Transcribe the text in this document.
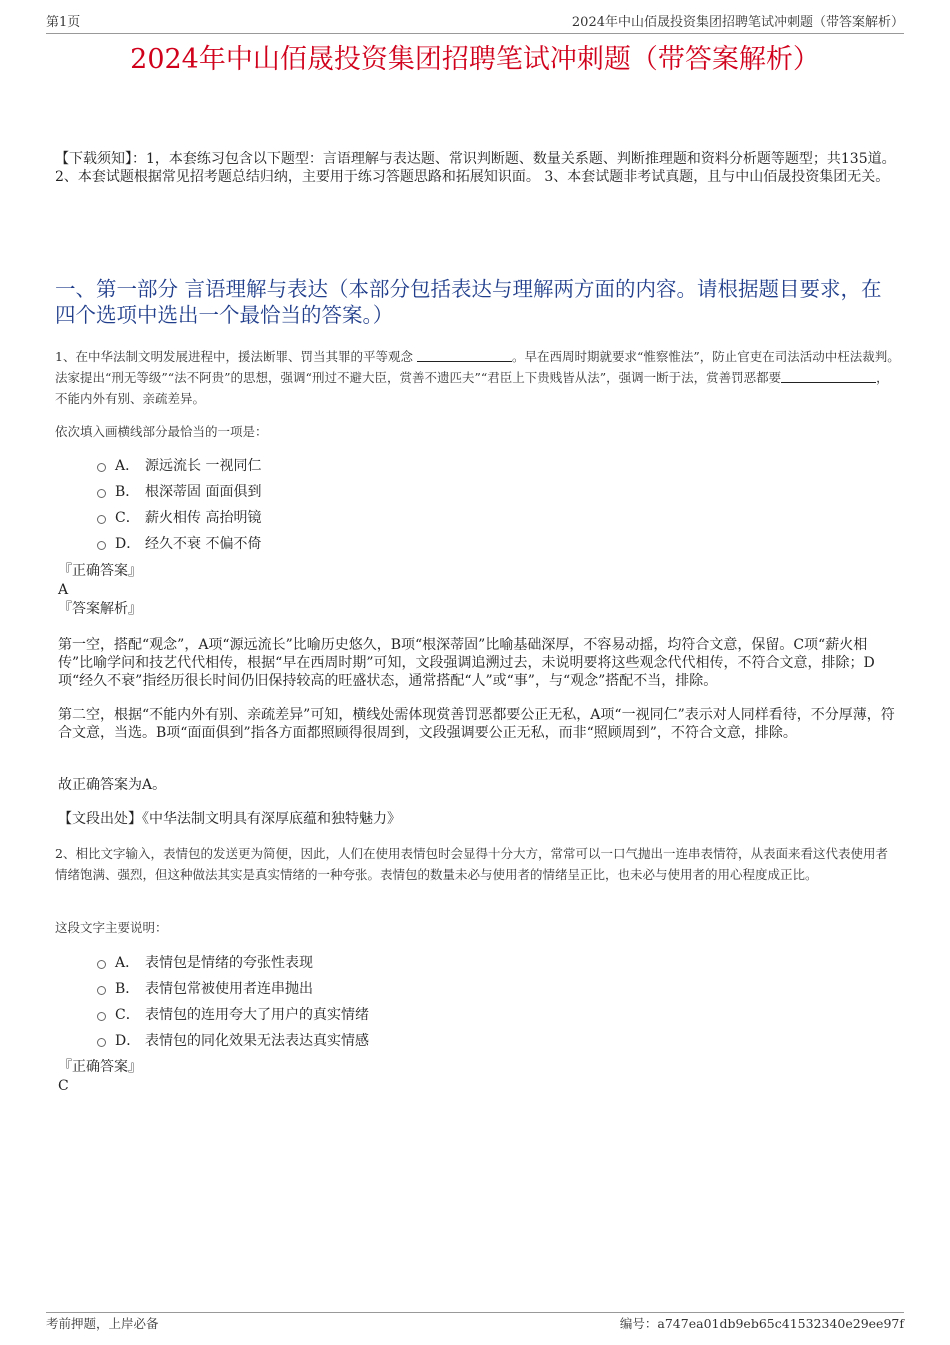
第1页	2024年中山佰晟投资集团招聘笔试冲刺题（带答案解析）
2024年中山佰晟投资集团招聘笔试冲刺题（带答案解析）
【下载须知】：1，本套练习包含以下题型：言语理解与表达题、常识判断题、数量关系题、判断推理题和资料分析题等题型；共135道。 2、本套试题根据常见招考题总结归纳，主要用于练习答题思路和拓展知识面。 3、本套试题非考试真题，且与中山佰晟投资集团无关。
一、第一部分 言语理解与表达（本部分包括表达与理解两方面的内容。请根据题目要求，在四个选项中选出一个最恰当的答案。）
1、在中华法制文明发展进程中，援法断罪、罚当其罪的平等观念	。早在西周时期就要求“惟察惟法”，防止官吏在司法活动中枉法裁判。法家提出“刑无等级”“法不阿贵”的思想，强调“刑过不避大臣，赏善不遗匹夫”“君臣上下贵贱皆从法”，强调一断于法，赏善罚恶都要	，不能内外有别、亲疏差异。
依次填入画横线部分最恰当的一项是：
A． 源远流长 一视同仁
B． 根深蒂固 面面俱到
C． 薪火相传 高抬明镜
D． 经久不衰 不偏不倚
『正确答案』
A
『答案解析』
第一空，搭配“观念”，A项“源远流长”比喻历史悠久，B项“根深蒂固”比喻基础深厚，不容易动摇，均符合文意，保留。C项“薪火相传”比喻学问和技艺代代相传，根据“早在西周时期”可知，文段强调追溯过去，未说明要将这些观念代代相传，不符合文意，排除；D项“经久不衰”指经历很长时间仍旧保持较高的旺盛状态，通常搭配“人”或“事”，与“观念”搭配不当，排除。
第二空，根据“不能内外有别、亲疏差异”可知，横线处需体现赏善罚恶都要公正无私，A项“一视同仁”表示对人同样看待，不分厚薄，符合文意，当选。B项“面面俱到”指各方面都照顾得很周到，文段强调要公正无私，而非“照顾周到”，不符合文意，排除。
故正确答案为A。
【文段出处】《中华法制文明具有深厚底蕴和独特魅力》
2、相比文字输入，表情包的发送更为简便，因此，人们在使用表情包时会显得十分大方，常常可以一口气抛出一连串表情符，从表面来看这代表使用者情绪饱满、强烈，但这种做法其实是真实情绪的一种夸张。表情包的数量未必与使用者的情绪呈正比，也未必与使用者的用心程度成正比。
这段文字主要说明：
A． 表情包是情绪的夸张性表现
B． 表情包常被使用者连串抛出
C． 表情包的连用夸大了用户的真实情绪
D． 表情包的同化效果无法表达真实情感
『正确答案』
C
考前押题，上岸必备	编号：a747ea01db9eb65c41532340e29ee97f
